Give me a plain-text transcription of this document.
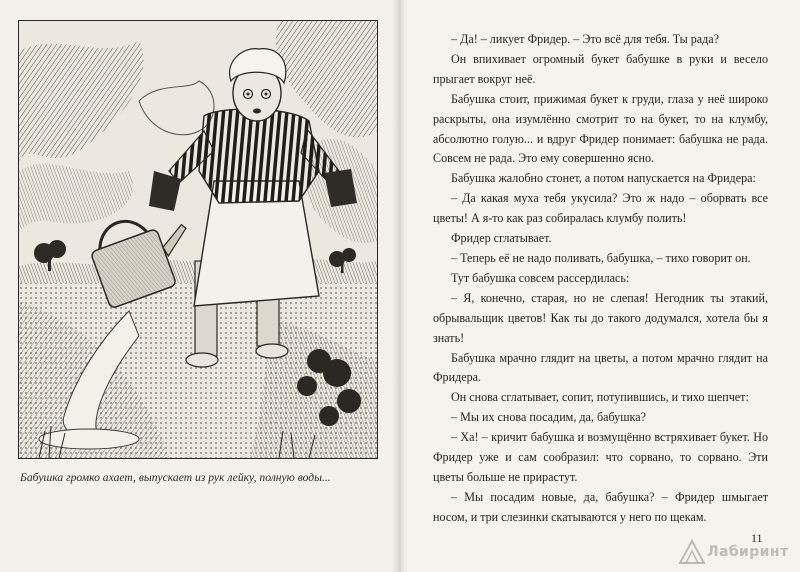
Бабушка громко ахает, выпускает из рук лейку, полную воды...

– Да! – ликует Фридер. – Это всё для тебя. Ты рада?

Он впихивает огромный букет бабушке в руки и весело прыгает вокруг неё.

Бабушка стоит, прижимая букет к груди, глаза у неё широко раскрыты, она изумлённо смотрит то на букет, то на клумбу, абсолютно голую... и вдруг Фридер понимает: бабушка не рада. Совсем не рада. Это ему совершенно ясно.

Бабушка жалобно стонет, а потом напускается на Фридера:

– Да какая муха тебя укусила? Это ж надо – оборвать все цветы! А я-то как раз собиралась клумбу полить!

Фридер сглатывает.

– Теперь её не надо поливать, бабушка, – тихо говорит он.

Тут бабушка совсем рассердилась:

– Я, конечно, старая, но не слепая! Негодник ты этакий, обрывальщик цветов! Как ты до такого додумался, хотела бы я знать!

Бабушка мрачно глядит на цветы, а потом мрачно глядит на Фридера.

Он снова сглатывает, сопит, потупившись, и тихо шепчет:

– Мы их снова посадим, да, бабушка?

– Ха! – кричит бабушка и возмущённо встряхивает букет. Но Фридер уже и сам сообразил: что сорвано, то сорвано. Эти цветы больше не прирастут.

– Мы посадим новые, да, бабушка? – Фридер шмыгает носом, и три слезинки скатываются у него по щекам.

11
Лабиринт
